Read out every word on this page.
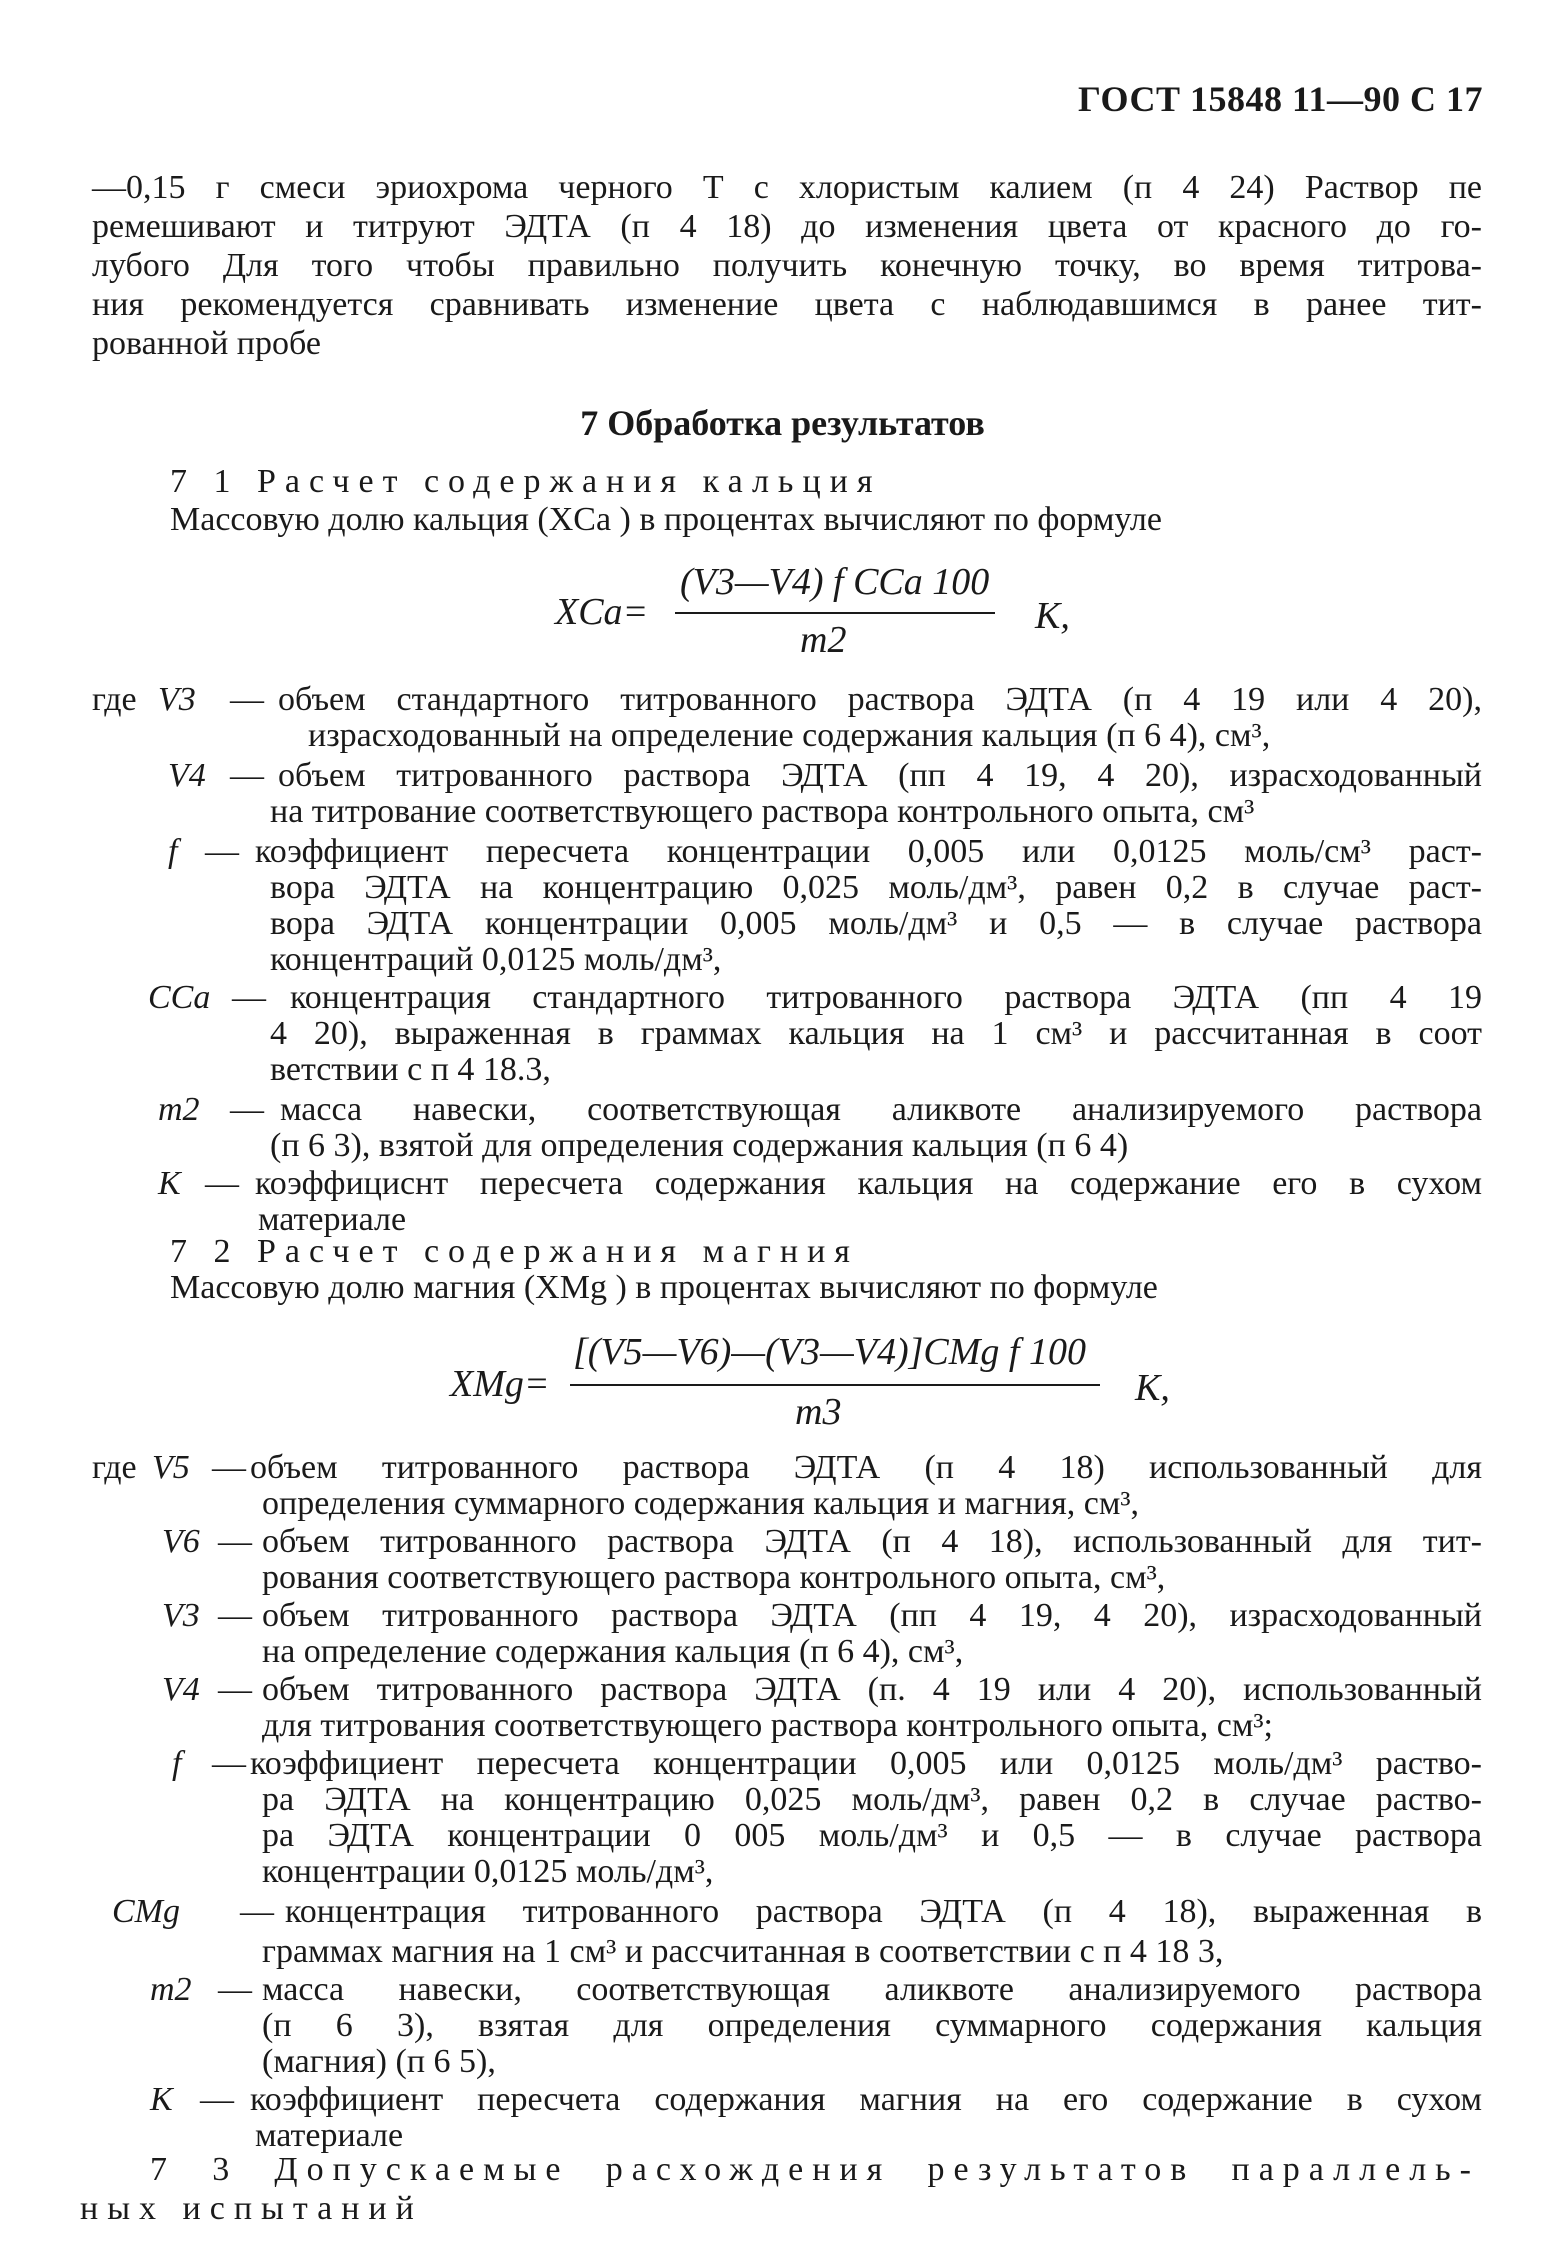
ГОСТ 15848 11—90 С 17
—0,15 г смеси эриохрома черного Т с хлористым калием (п 4 24) Раствор пе
ремешивают и титруют ЭДТА (п 4 18) до изменения цвета от красного до го-
лубого Для того чтобы правильно получить конечную точку, во время титрова-
ния рекомендуется сравнивать изменение цвета с наблюдавшимся в ранее тит-
рованной пробе
7 Обработка результатов
7 1 Расчет содержания кальция
Массовую долю кальция (XCa ) в процентах вычисляют по формуле
XCa=
(V3—V4) f CCa 100
m2
K,
где V3 — объем стандартного титрованного раствора ЭДТА (п 4 19 или 4 20),
израсходованный на определение содержания кальция (п 6 4), см³,
V4 — объем титрованного раствора ЭДТА (пп 4 19, 4 20), израсходованный
на титрование соответствующего раствора контрольного опыта, см³
f — коэффициент пересчета концентрации 0,005 или 0,0125 моль/см³ раст-
вора ЭДТА на концентрацию 0,025 моль/дм³, равен 0,2 в случае раст-
вора ЭДТА концентрации 0,005 моль/дм³ и 0,5 — в случае раствора
концентраций 0,0125 моль/дм³,
CCa — концентрация стандартного титрованного раствора ЭДТА (пп 4 19
4 20), выраженная в граммах кальция на 1 см³ и рассчитанная в соот
ветствии с п 4 18.3,
m2 — масса навески, соответствующая аликвоте анализируемого раствора
(п 6 3), взятой для определения содержания кальция (п 6 4)
K — коэффициснт пересчета содержания кальция на содержание его в сухом
материале
7 2 Расчет содержания магния
Массовую долю магния (XMg ) в процентах вычисляют по формуле
XMg=
[(V5—V6)—(V3—V4)]CMg f 100
m3
K,
где V5 — объем титрованного раствора ЭДТА (п 4 18) использованный для
определения суммарного содержания кальция и магния, см³,
V6 — объем титрованного раствора ЭДТА (п 4 18), использованный для тит-
рования соответствующего раствора контрольного опыта, см³,
V3 — объем титрованного раствора ЭДТА (пп 4 19, 4 20), израсходованный
на определение содержания кальция (п 6 4), см³,
V4 — объем титрованного раствора ЭДТА (п. 4 19 или 4 20), использованный
для титрования соответствующего раствора контрольного опыта, см³;
f — коэффициент пересчета концентрации 0,005 или 0,0125 моль/дм³ раство-
ра ЭДТА на концентрацию 0,025 моль/дм³, равен 0,2 в случае раство-
ра ЭДТА концентрации 0 005 моль/дм³ и 0,5 — в случае раствора
концентрации 0,0125 моль/дм³,
CMg — концентрация титрованного раствора ЭДТА (п 4 18), выраженная в
граммах магния на 1 см³ и рассчитанная в соответствии с п 4 18 3,
m2 — масса навески, соответствующая аликвоте анализируемого раствора
(п 6 3), взятая для определения суммарного содержания кальция
(магния) (п 6 5),
K — коэффициент пересчета содержания магния на его содержание в сухом
материале
7 3 Допускаемые расхождения результатов параллель-
ных испытаний
